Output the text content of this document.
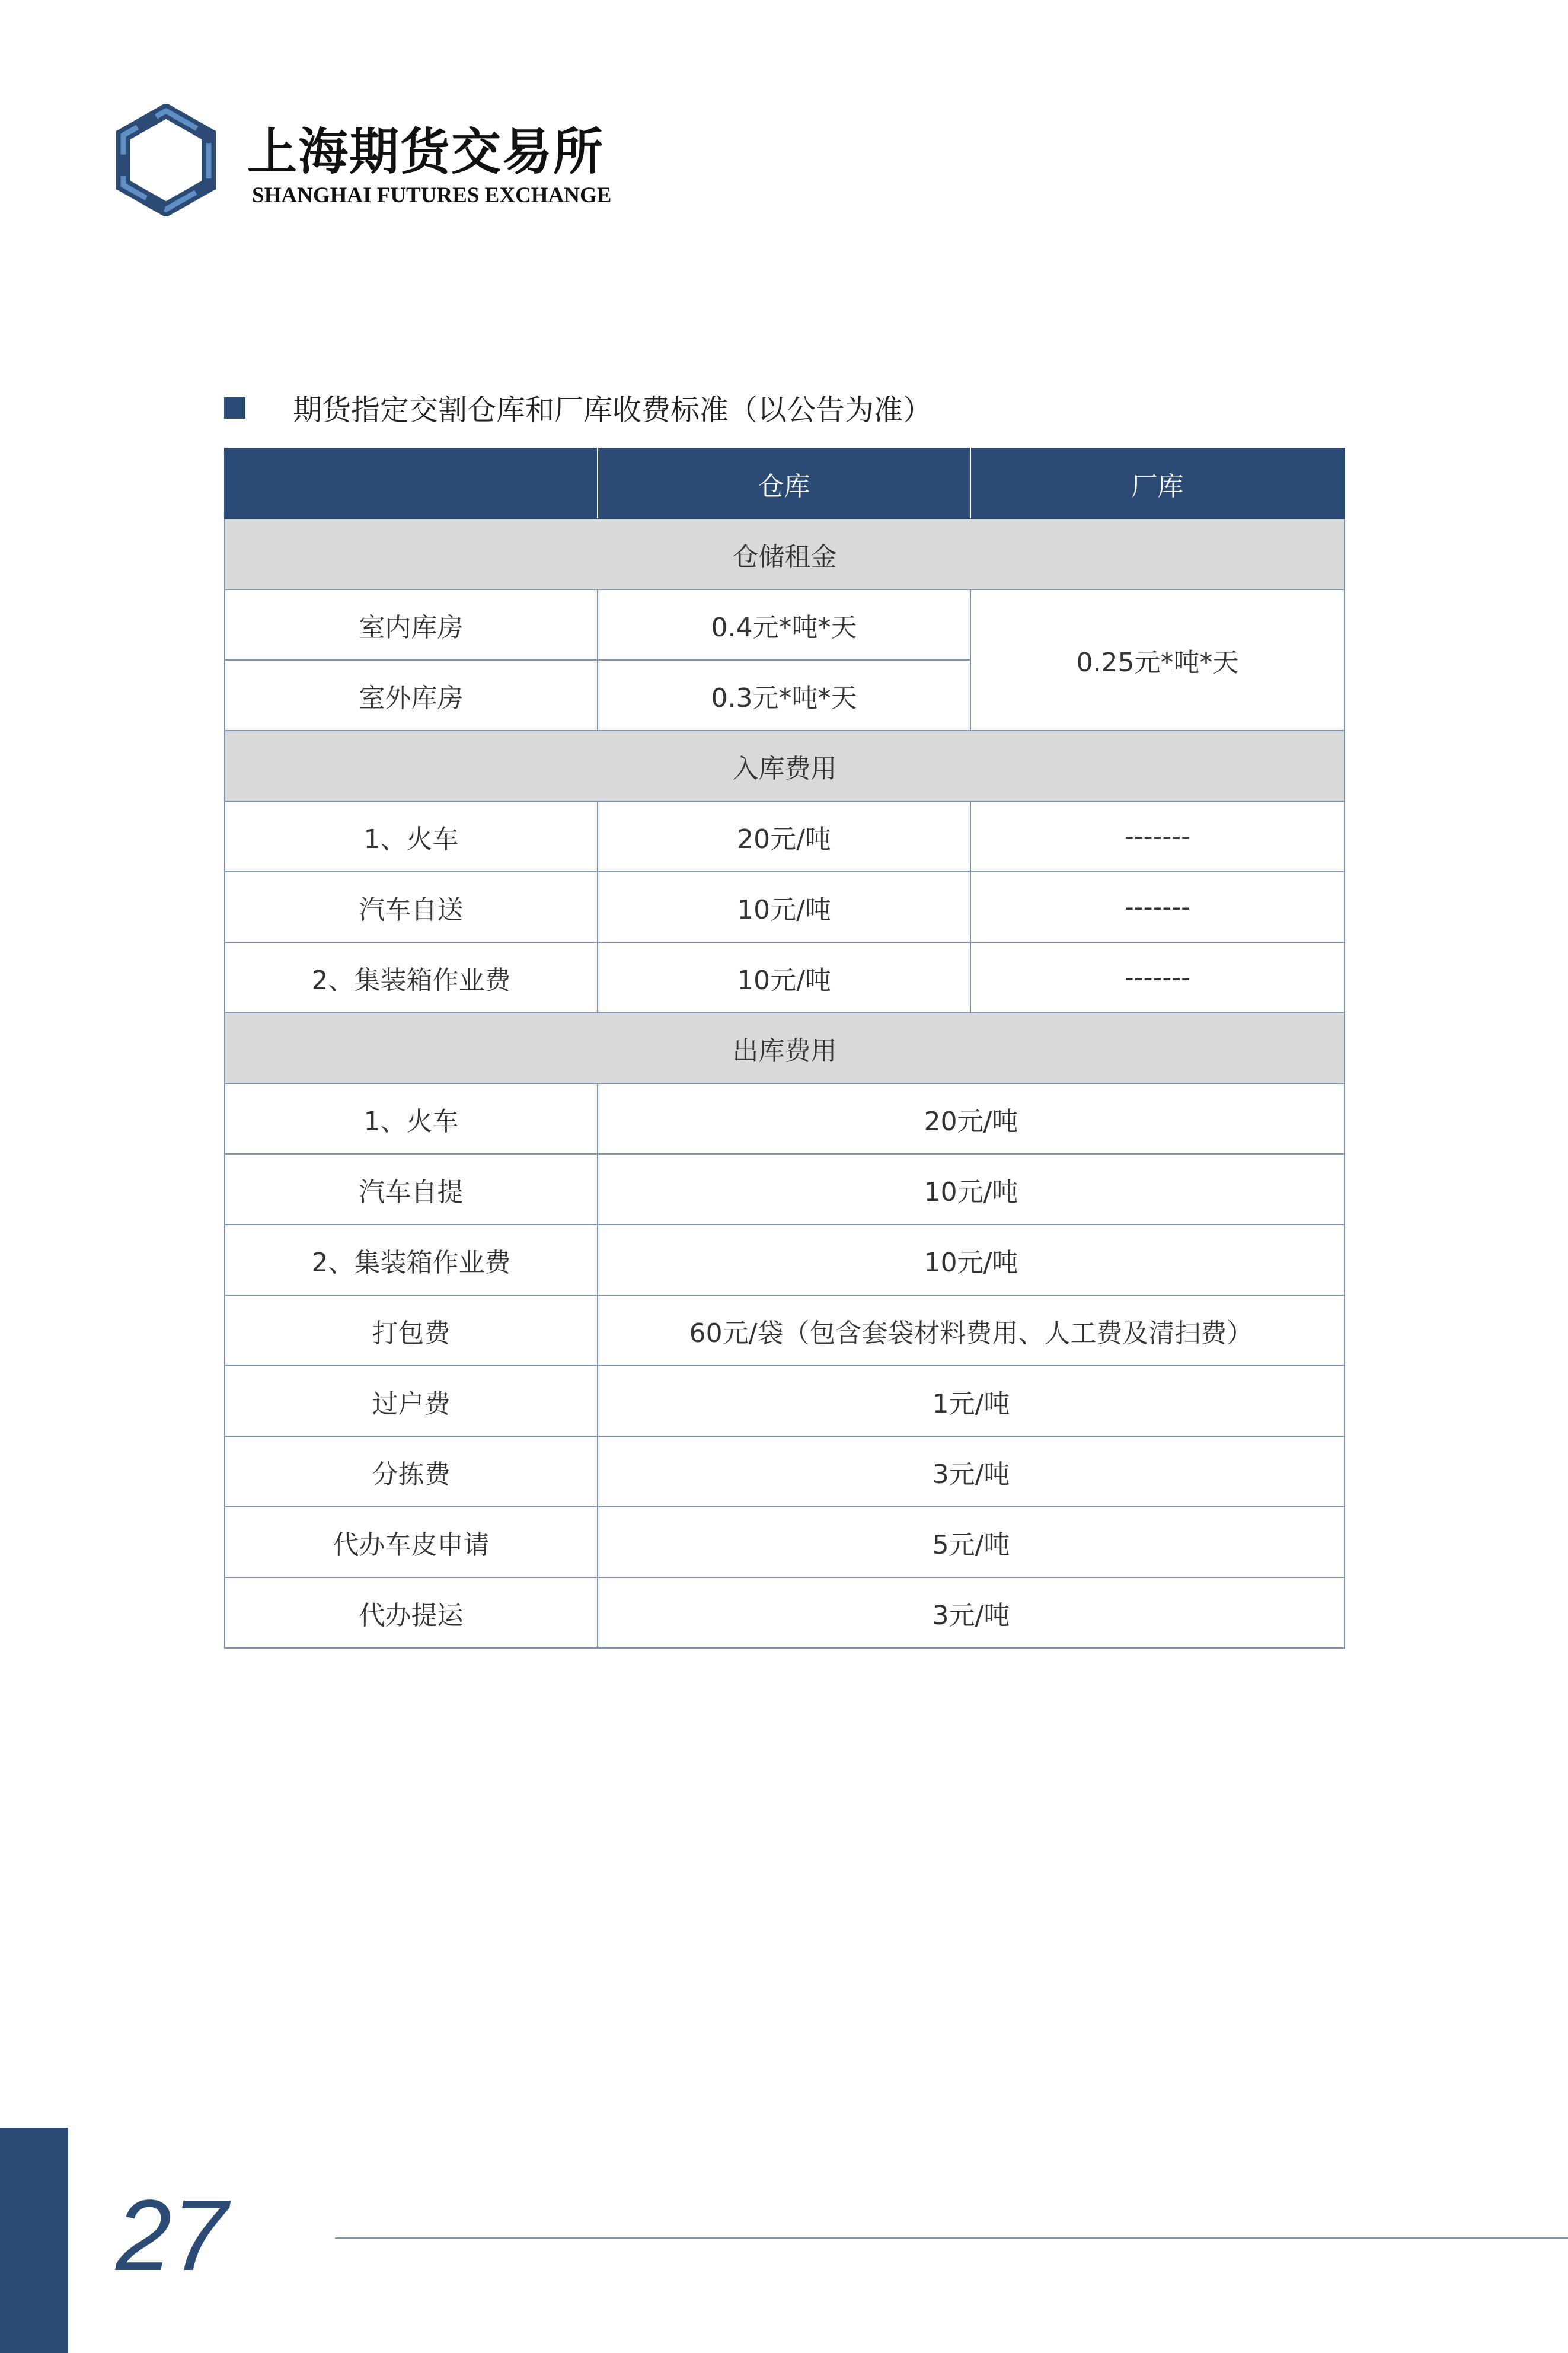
上海期货交易所
SHANGHAI FUTURES EXCHANGE
期货指定交割仓库和厂库收费标准（以公告为准）
	仓库	厂库
仓储租金		
室内库房	0.4元*吨*天	0.25元*吨*天
室外库房	0.3元*吨*天	
入库费用		
1、火车	20元/吨	-------
汽车自送	10元/吨	-------
2、集装箱作业费	10元/吨	-------
出库费用		
1、火车	20元/吨	
汽车自提	10元/吨	
2、集装箱作业费	10元/吨	
打包费	60元/袋（包含套袋材料费用、人工费及清扫费）	
过户费	1元/吨	
分拣费	3元/吨	
代办车皮申请	5元/吨	
代办提运	3元/吨	
27
